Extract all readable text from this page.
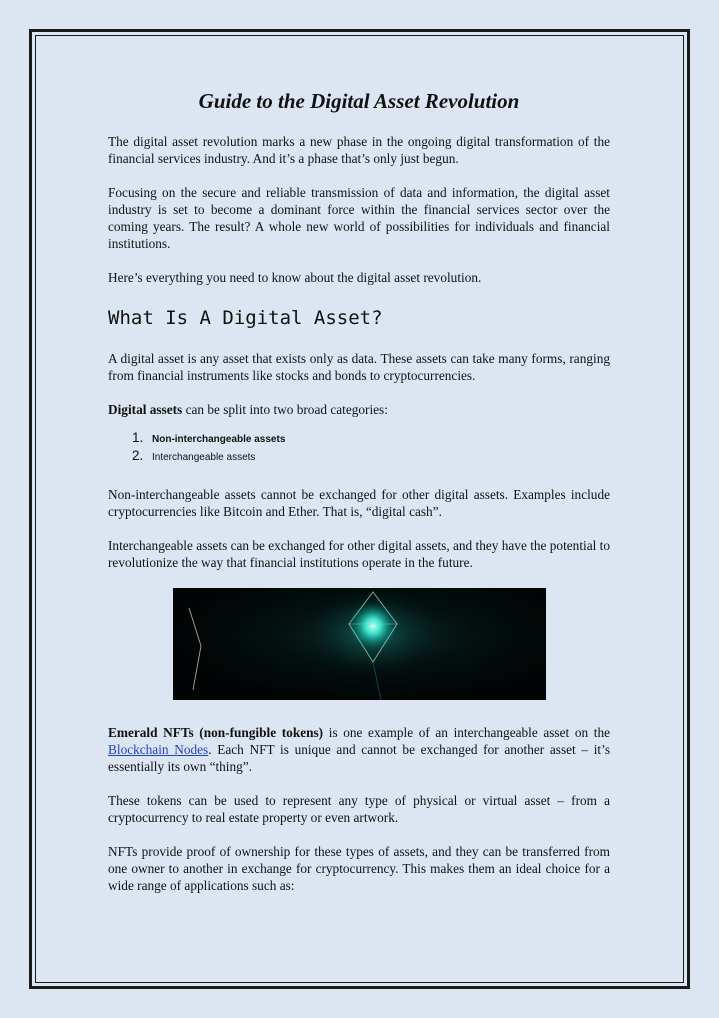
Guide to the Digital Asset Revolution

The digital asset revolution marks a new phase in the ongoing digital transformation of the financial services industry. And it’s a phase that’s only just begun.

Focusing on the secure and reliable transmission of data and information, the digital asset industry is set to become a dominant force within the financial services sector over the coming years. The result? A whole new world of possibilities for individuals and financial institutions.

Here’s everything you need to know about the digital asset revolution.

What Is A Digital Asset?

A digital asset is any asset that exists only as data. These assets can take many forms, ranging from financial instruments like stocks and bonds to cryptocurrencies.

Digital assets can be split into two broad categories:

1. Non-interchangeable assets
2. Interchangeable assets

Non-interchangeable assets cannot be exchanged for other digital assets. Examples include cryptocurrencies like Bitcoin and Ether. That is, “digital cash”.

Interchangeable assets can be exchanged for other digital assets, and they have the potential to revolutionize the way that financial institutions operate in the future.

Emerald NFTs (non-fungible tokens) is one example of an interchangeable asset on the Blockchain Nodes. Each NFT is unique and cannot be exchanged for another asset – it’s essentially its own “thing”.

These tokens can be used to represent any type of physical or virtual asset – from a cryptocurrency to real estate property or even artwork.

NFTs provide proof of ownership for these types of assets, and they can be transferred from one owner to another in exchange for cryptocurrency. This makes them an ideal choice for a wide range of applications such as:
